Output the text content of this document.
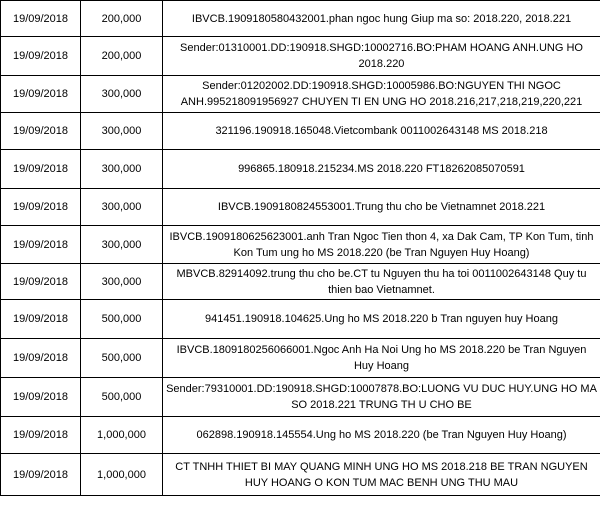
19/09/2018	200,000	IBVCB.1909180580432001.phan ngoc hung Giup ma so: 2018.220, 2018.221
19/09/2018	200,000	Sender:01310001.DD:190918.SHGD:10002716.BO:PHAM HOANG ANH.UNG HO 2018.220
19/09/2018	300,000	Sender:01202002.DD:190918.SHGD:10005986.BO:NGUYEN THI NGOC ANH.995218091956927 CHUYEN TI EN UNG HO 2018.216,217,218,219,220,221
19/09/2018	300,000	321196.190918.165048.Vietcombank 0011002643148 MS 2018.218
19/09/2018	300,000	996865.180918.215234.MS 2018.220 FT18262085070591
19/09/2018	300,000	IBVCB.1909180824553001.Trung thu cho be Vietnamnet 2018.221
19/09/2018	300,000	IBVCB.1909180625623001.anh Tran Ngoc Tien thon 4, xa Dak Cam, TP Kon Tum, tinh Kon Tum ung ho MS 2018.220 (be Tran Nguyen Huy Hoang)
19/09/2018	300,000	MBVCB.82914092.trung thu cho be.CT tu Nguyen thu ha toi 0011002643148 Quy tu thien bao Vietnamnet.
19/09/2018	500,000	941451.190918.104625.Ung ho MS 2018.220 b Tran nguyen huy Hoang
19/09/2018	500,000	IBVCB.1809180256066001.Ngoc Anh Ha Noi Ung ho MS 2018.220 be Tran Nguyen Huy Hoang
19/09/2018	500,000	Sender:79310001.DD:190918.SHGD:10007878.BO:LUONG VU DUC HUY.UNG HO MA SO 2018.221 TRUNG TH U CHO BE
19/09/2018	1,000,000	062898.190918.145554.Ung ho MS 2018.220 (be Tran Nguyen Huy Hoang)
19/09/2018	1,000,000	CT TNHH THIET BI MAY QUANG MINH UNG HO MS 2018.218 BE TRAN NGUYEN HUY HOANG O KON TUM MAC BENH UNG THU MAU
